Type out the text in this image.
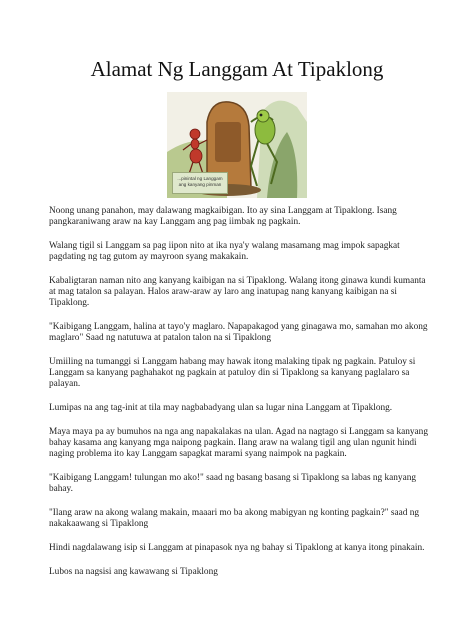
Alamat Ng Langgam At Tipaklong
...pinintal ng Langgam
ang kanyang pinman

Noong unang panahon, may dalawang magkaibigan. Ito ay sina Langgam at Tipaklong. Isang pangkaraniwang araw na kay Langgam ang pag iimbak ng pagkain.

Walang tigil si Langgam sa pag iipon nito at ika nya'y walang masamang mag impok sapagkat pagdating ng tag gutom ay mayroon syang makakain.

Kabaligtaran naman nito ang kanyang kaibigan na si Tipaklong. Walang itong ginawa kundi kumanta at mag tatalon sa palayan. Halos araw-araw ay laro ang inatupag nang kanyang kaibigan na si Tipaklong.

"Kaibigang Langgam, halina at tayo'y maglaro. Napapakagod yang ginagawa mo, samahan mo akong maglaro" Saad ng natutuwa at patalon talon na si Tipaklong

Umiiling na tumanggi si Langgam habang may hawak itong malaking tipak ng pagkain. Patuloy si Langgam sa kanyang paghahakot ng pagkain at patuloy din si Tipaklong sa kanyang paglalaro sa palayan.

Lumipas na ang tag-init at tila may nagbabadyang ulan sa lugar nina Langgam at Tipaklong.

Maya maya pa ay bumuhos na nga ang napakalakas na ulan. Agad na nagtago si Langgam sa kanyang bahay kasama ang kanyang mga naipong pagkain. Ilang araw na walang tigil ang ulan ngunit hindi naging problema ito kay Langgam sapagkat marami syang naimpok na pagkain.

"Kaibigang Langgam! tulungan mo ako!" saad ng basang basang si Tipaklong sa labas ng kanyang bahay.

"Ilang araw na akong walang makain, maaari mo ba akong mabigyan ng konting pagkain?" saad ng nakakaawang si Tipaklong

Hindi nagdalawang isip si Langgam at pinapasok nya ng bahay si Tipaklong at kanya itong pinakain.

Lubos na nagsisi ang kawawang si Tipaklong
